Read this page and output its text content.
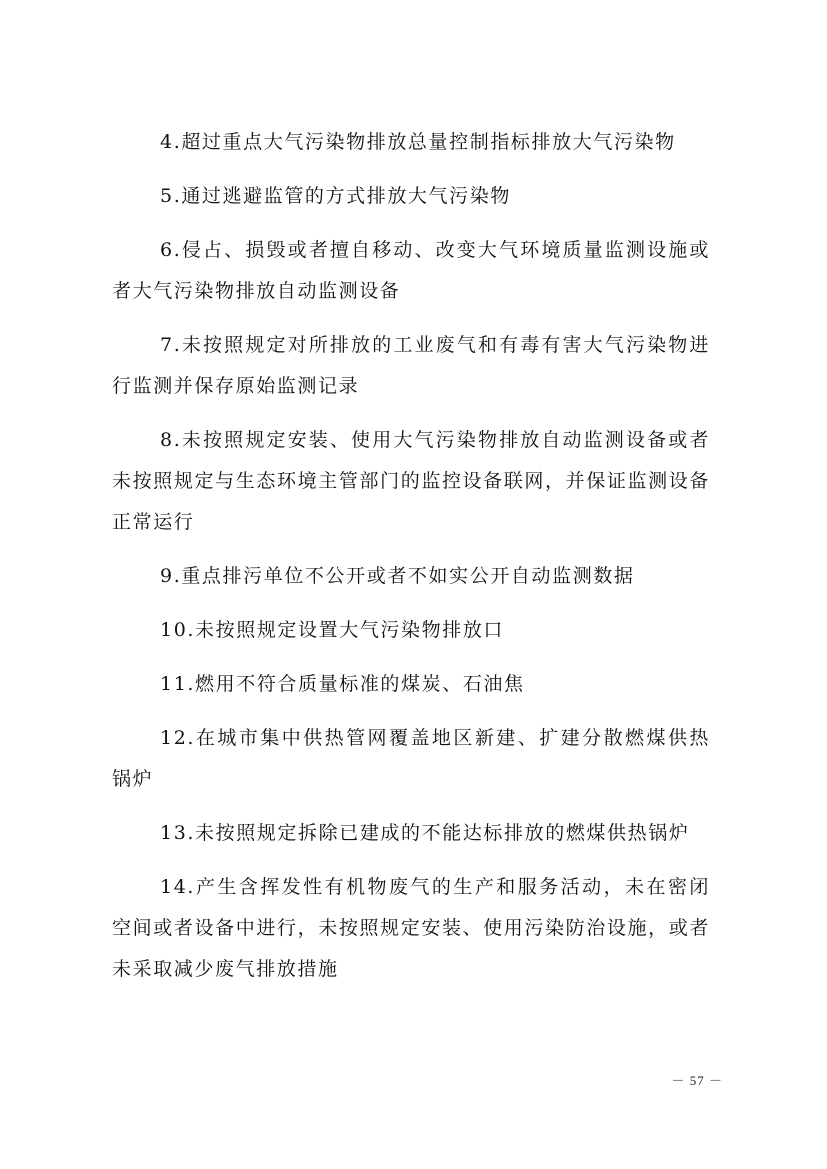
4.超过重点大气污染物排放总量控制指标排放大气污染物

5.通过逃避监管的方式排放大气污染物

6.侵占、损毁或者擅自移动、改变大气环境质量监测设施或者大气污染物排放自动监测设备

7.未按照规定对所排放的工业废气和有毒有害大气污染物进行监测并保存原始监测记录

8.未按照规定安装、使用大气污染物排放自动监测设备或者未按照规定与生态环境主管部门的监控设备联网，并保证监测设备正常运行

9.重点排污单位不公开或者不如实公开自动监测数据

10.未按照规定设置大气污染物排放口

11.燃用不符合质量标准的煤炭、石油焦

12.在城市集中供热管网覆盖地区新建、扩建分散燃煤供热锅炉

13.未按照规定拆除已建成的不能达标排放的燃煤供热锅炉

14.产生含挥发性有机物废气的生产和服务活动，未在密闭空间或者设备中进行，未按照规定安装、使用污染防治设施，或者未采取减少废气排放措施

－ 57 －
